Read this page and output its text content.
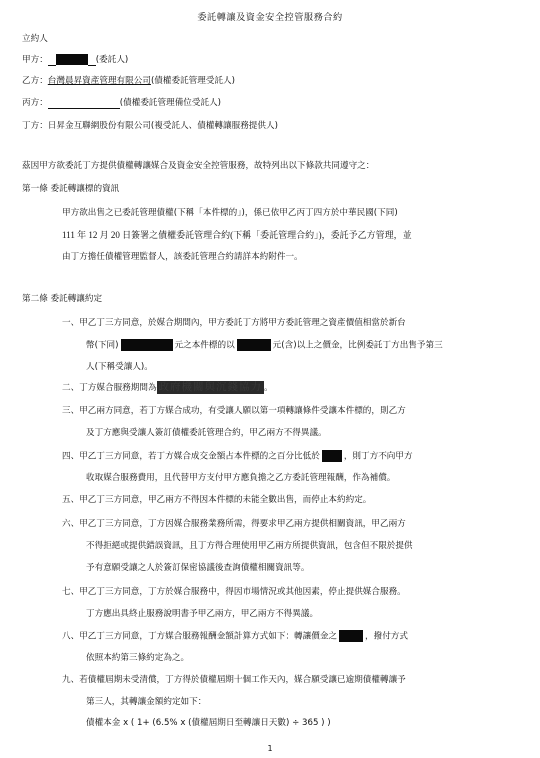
委託轉讓及資金安全控管服務合約
立約人
甲方：	(委託人)
乙方：台灣晨昇資產管理有限公司(債權委託管理受託人)
丙方：	(債權委託管理備位受託人)
丁方：日昇金互聯網股份有限公司(複受託人、債權轉讓服務提供人)
茲因甲方欲委託丁方提供債權轉讓媒合及資金安全控管服務，故特列出以下條款共同遵守之：
第一條 委託轉讓標的資訊
甲方欲出售之已委託管理債權(下稱「本件標的」)，係已依甲乙丙丁四方於中華民國(下同)
111 年 12 月 20 日簽署之債權委託管理合約(下稱「委託管理合約」)，委託予乙方管理，並
由丁方擔任債權管理監督人，該委託管理合約請詳本約附件一。
第二條 委託轉讓約定
一、甲乙丁三方同意，於媒合期間內，甲方委託丁方將甲方委託管理之資產價值相當於新台
幣(下同)	元之本件標的以	元(含)以上之價金，比例委託丁方出售予第三
人(下稱受讓人)。
二、丁方媒合服務期間為 政府機關與沉錢協力 。
三、甲乙兩方同意，若丁方媒合成功，有受讓人願以第一項轉讓條件受讓本件標的，則乙方
及丁方應與受讓人簽訂債權委託管理合約，甲乙兩方不得異議。
四、甲乙丁三方同意，若丁方媒合成交金額占本件標的之百分比低於	，則丁方不向甲方
收取媒合服務費用，且代替甲方支付甲方應負擔之乙方委託管理報酬，作為補償。
五、甲乙丁三方同意，甲乙兩方不得因本件標的未能全數出售，而停止本約約定。
六、甲乙丁三方同意，丁方因媒合服務業務所需，得要求甲乙兩方提供相關資訊，甲乙兩方
不得拒絕或提供錯誤資訊，且丁方得合理使用甲乙兩方所提供資訊，包含但不限於提供
予有意願受讓之人於簽訂保密協議後查詢債權相關資訊等。
七、甲乙丁三方同意，丁方於媒合服務中，得因市場情況或其他因素，停止提供媒合服務。
丁方應出具終止服務說明書予甲乙兩方，甲乙兩方不得異議。
八、甲乙丁三方同意，丁方媒合服務報酬金額計算方式如下：轉讓價金之	，撥付方式
依照本約第三條約定為之。
九、若債權屆期未受清償，丁方得於債權屆期十個工作天內，媒合願受讓已逾期債權轉讓予
第三人，其轉讓金額約定如下：
債權本金 x ( 1+ (6.5% x (債權屆期日至轉讓日天數) ÷ 365 ) )
1
